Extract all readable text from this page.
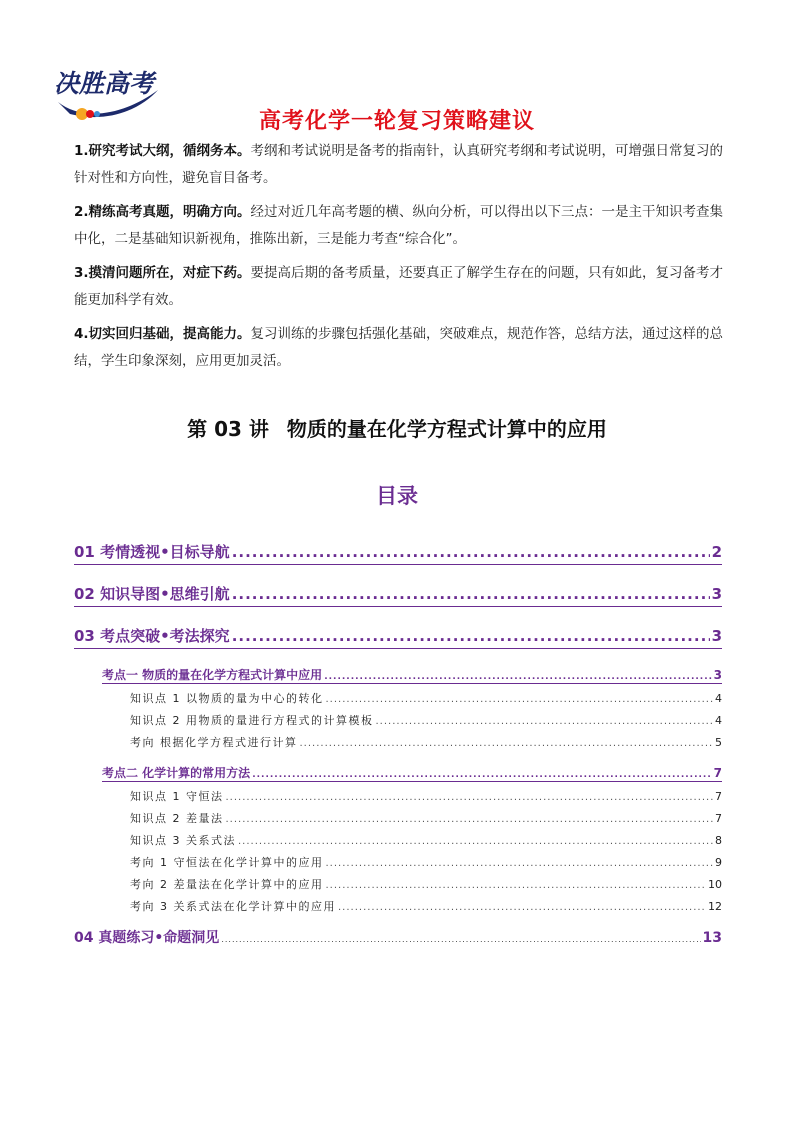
决胜高考
高考化学一轮复习策略建议
1.研究考试大纲，循纲务本。考纲和考试说明是备考的指南针，认真研究考纲和考试说明，可增强日常复习的针对性和方向性，避免盲目备考。
2.精练高考真题，明确方向。经过对近几年高考题的横、纵向分析，可以得出以下三点：一是主干知识考查集中化，二是基础知识新视角，推陈出新，三是能力考查“综合化”。
3.摸清问题所在，对症下药。要提高后期的备考质量，还要真正了解学生存在的问题，只有如此，复习备考才能更加科学有效。
4.切实回归基础，提高能力。复习训练的步骤包括强化基础，突破难点，规范作答，总结方法，通过这样的总结，学生印象深刻，应用更加灵活。
第 03 讲 物质的量在化学方程式计算中的应用
目录
01 考情透视•目标导航 .....	2
02 知识导图•思维引航 .....	3
03 考点突破•考法探究 .....	3
考点一 物质的量在化学方程式计算中应用 .....	3
知识点 1 以物质的量为中心的转化 .....	4
知识点 2 用物质的量进行方程式的计算模板 .....	4
考向 根据化学方程式进行计算 .....	5
考点二 化学计算的常用方法 .....	7
知识点 1 守恒法 .....	7
知识点 2 差量法 .....	7
知识点 3 关系式法 .....	8
考向 1 守恒法在化学计算中的应用 .....	9
考向 2 差量法在化学计算中的应用 .....	10
考向 3 关系式法在化学计算中的应用 .....	12
04 真题练习•命题洞见 .....	13
